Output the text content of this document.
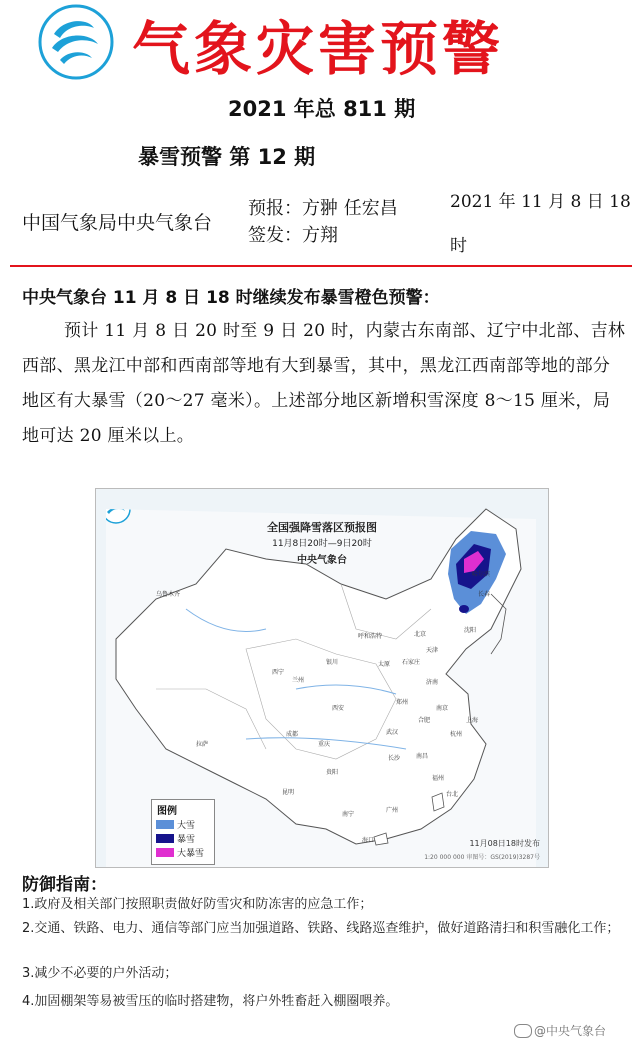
气象灾害预警
2021 年总 811 期
暴雪预警 第 12 期
中国气象局中央气象台
预报：方翀 任宏昌
签发：方翔
2021 年 11 月 8 日 18
时
中央气象台 11 月 8 日 18 时继续发布暴雪橙色预警：
预计 11 月 8 日 20 时至 9 日 20 时，内蒙古东南部、辽宁中北部、吉林西部、黑龙江中部和西南部等地有大到暴雪，其中，黑龙江西南部等地的部分地区有大暴雪（20～27 毫米）。上述部分地区新增积雪深度 8～15 厘米，局地可达 20 厘米以上。
全国强降雪落区预报图
11月8日20时—9日20时
中央气象台
哈尔滨
长春
沈阳
北京
天津
呼和浩特
太原 石家庄
济南
郑州
西安
兰州
西宁
银川
乌鲁木齐
拉萨
成都
重庆
武汉
南京
上海
杭州
合肥
南昌
长沙
贵阳
昆明
南宁
广州
福州
台北
海口
图例
大雪
暴雪
大暴雪
11月08日18时发布
1:20 000 000 审图号：GS(2019)3287号
防御指南：
1.政府及相关部门按照职责做好防雪灾和防冻害的应急工作；
2.交通、铁路、电力、通信等部门应当加强道路、铁路、线路巡查维护，做好道路清扫和积雪融化工作；
3.减少不必要的户外活动；
4.加固棚架等易被雪压的临时搭建物，将户外牲畜赶入棚圈喂养。
@中央气象台
